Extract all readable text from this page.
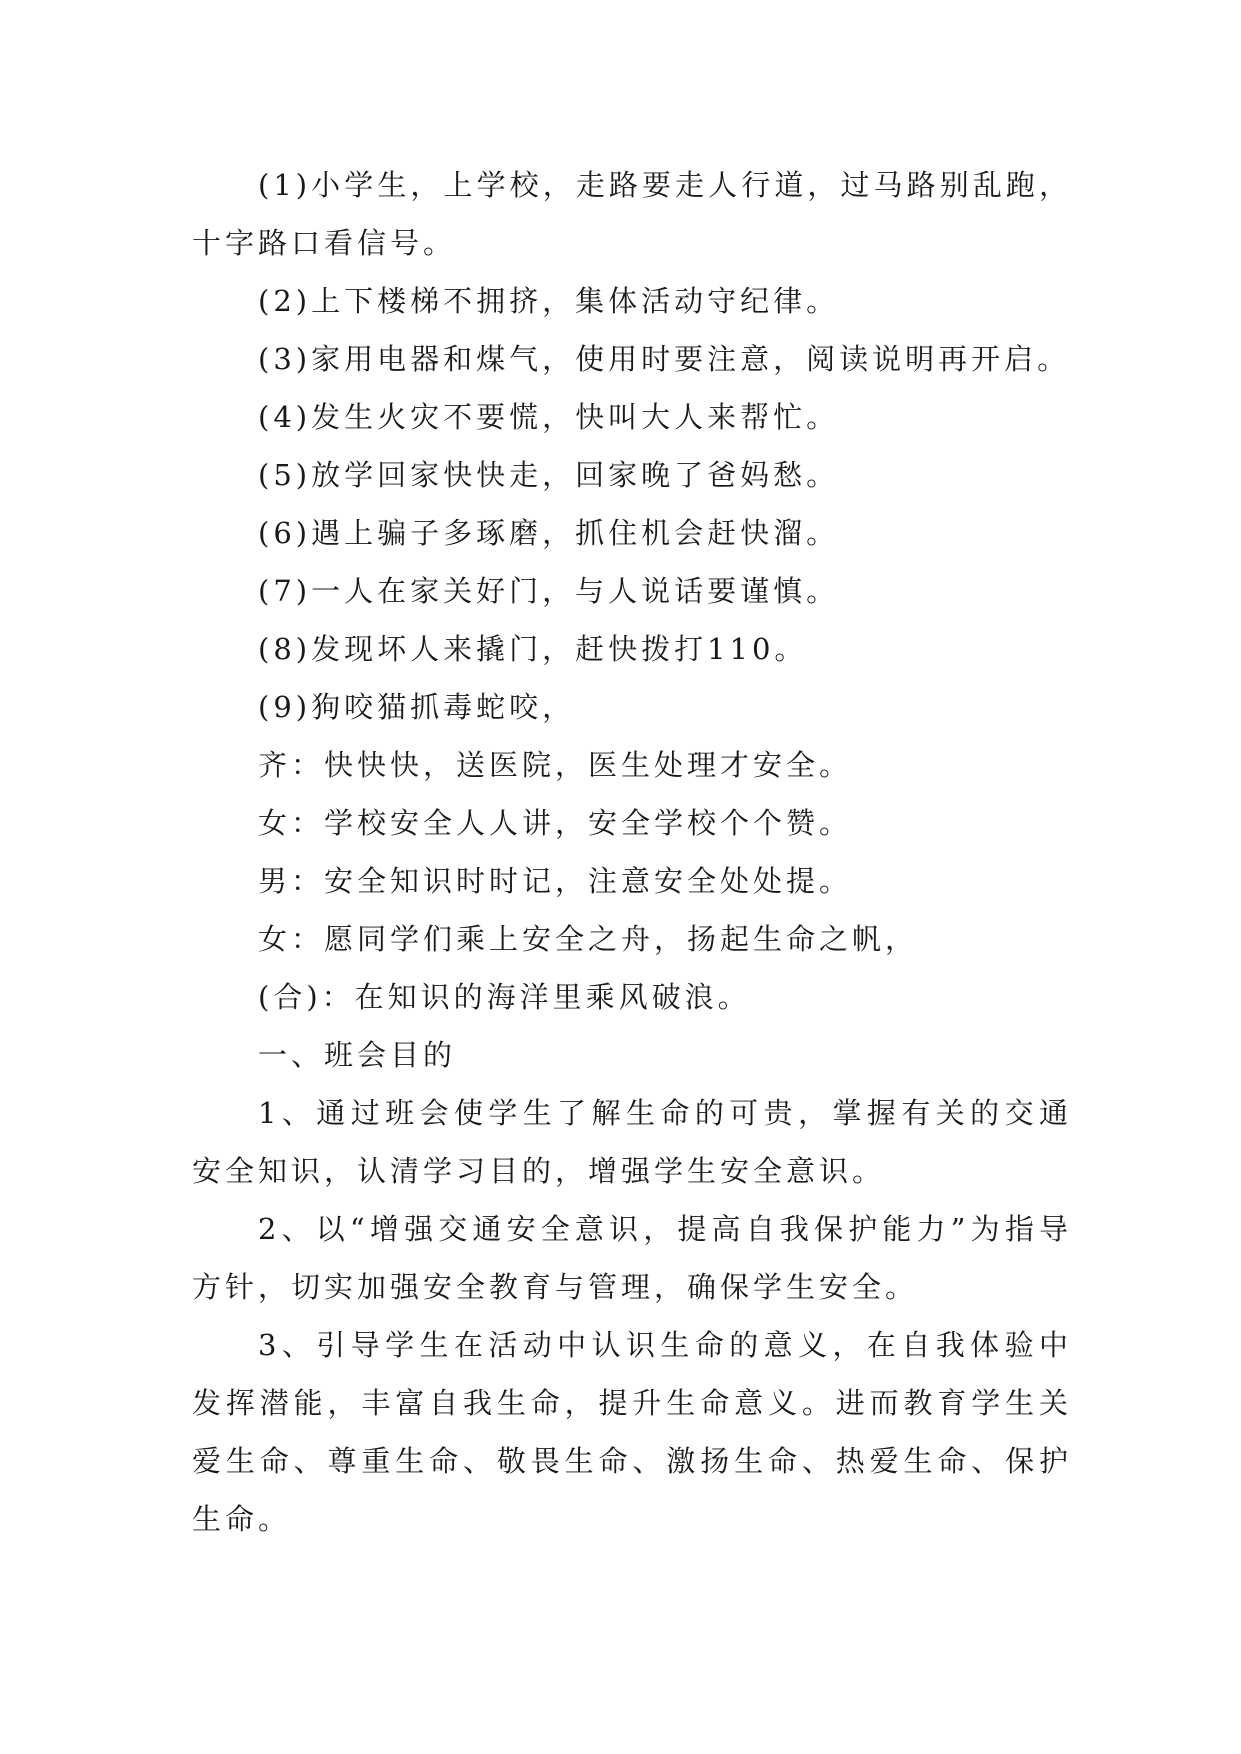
(1)小学生，上学校，走路要走人行道，过马路别乱跑，十字路口看信号。

(2)上下楼梯不拥挤，集体活动守纪律。

(3)家用电器和煤气，使用时要注意，阅读说明再开启。

(4)发生火灾不要慌，快叫大人来帮忙。

(5)放学回家快快走，回家晚了爸妈愁。

(6)遇上骗子多琢磨，抓住机会赶快溜。

(7)一人在家关好门，与人说话要谨慎。

(8)发现坏人来撬门，赶快拨打110。

(9)狗咬猫抓毒蛇咬，

齐：快快快，送医院，医生处理才安全。

女：学校安全人人讲，安全学校个个赞。

男：安全知识时时记，注意安全处处提。

女：愿同学们乘上安全之舟，扬起生命之帆，

(合)：在知识的海洋里乘风破浪。

一、班会目的

1、通过班会使学生了解生命的可贵，掌握有关的交通安全知识，认清学习目的，增强学生安全意识。

2、以“增强交通安全意识，提高自我保护能力”为指导方针，切实加强安全教育与管理，确保学生安全。

3、引导学生在活动中认识生命的意义，在自我体验中发挥潜能，丰富自我生命，提升生命意义。进而教育学生关爱生命、尊重生命、敬畏生命、激扬生命、热爱生命、保护生命。
